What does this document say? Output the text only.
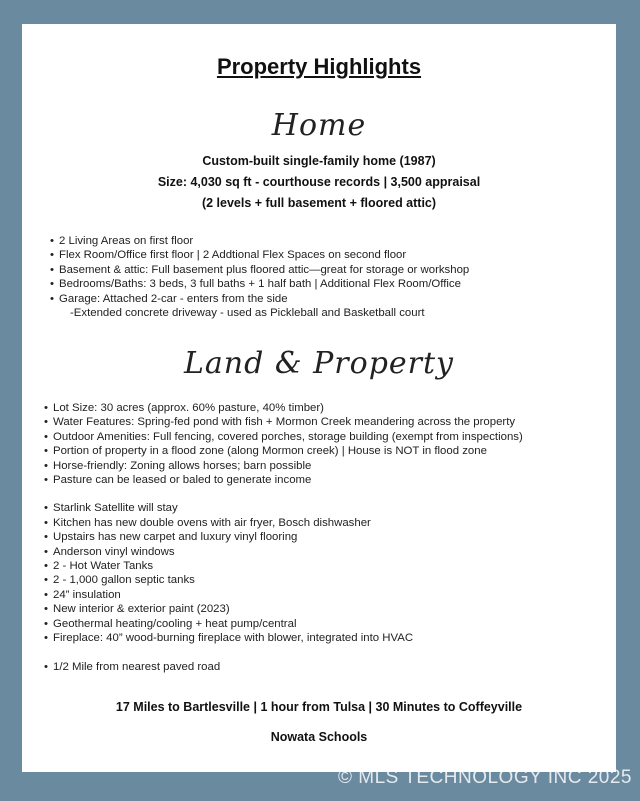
Property Highlights
Home
Custom-built single-family home (1987)
Size: 4,030 sq ft - courthouse records | 3,500 appraisal
(2 levels + full basement + floored attic)
• 2 Living Areas on first floor
• Flex Room/Office first floor | 2 Addtional Flex Spaces on second floor
• Basement & attic: Full basement plus floored attic—great for storage or workshop
• Bedrooms/Baths: 3 beds, 3 full baths + 1 half bath | Additional Flex Room/Office
• Garage: Attached 2-car - enters from the side
-Extended concrete driveway - used as Pickleball and Basketball court
Land & Property
• Lot Size: 30 acres (approx. 60% pasture, 40% timber)
• Water Features: Spring-fed pond with fish + Mormon Creek meandering across the property
• Outdoor Amenities: Full fencing, covered porches, storage building (exempt from inspections)
• Portion of property in a flood zone (along Mormon creek) | House is NOT in flood zone
• Horse-friendly: Zoning allows horses; barn possible
• Pasture can be leased or baled to generate income
• Starlink Satellite will stay
• Kitchen has new double ovens with air fryer, Bosch dishwasher
• Upstairs has new carpet and luxury vinyl flooring
• Anderson vinyl windows
• 2 - Hot Water Tanks
• 2 - 1,000 gallon septic tanks
• 24” insulation
• New interior & exterior paint (2023)
• Geothermal heating/cooling + heat pump/central
• Fireplace: 40” wood-burning fireplace with blower, integrated into HVAC
• 1/2 Mile from nearest paved road
17 Miles to Bartlesville | 1 hour from Tulsa | 30 Minutes to Coffeyville
Nowata Schools
© MLS TECHNOLOGY INC 2025
